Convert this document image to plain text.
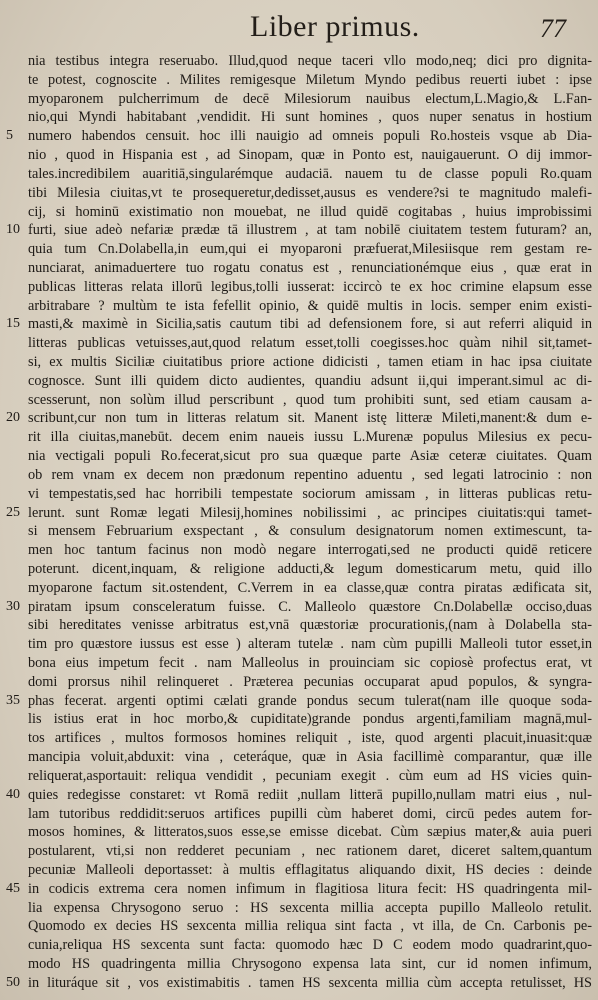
Liber primus.	77
nia testibus integra reseruabo. Illud,quod neque taceri vllo modo,neq; dici pro dignita-
te potest, cognoscite . Milites remigesque Miletum Myndo pedibus reuerti iubet : ipse
myoparonem pulcherrimum de decē Milesiorum nauibus electum,L.Magio,& L.Fan-
nio,qui Myndi habitabant ,vendidit. Hi sunt homines , quos nuper senatus in hostium
5	numero habendos censuit. hoc illi nauigio ad omneis populi Ro.hosteis vsque ab Dia-
nio , quod in Hispania est , ad Sinopam, quæ in Ponto est, nauigauerunt. O dij immor-
tales.incredibilem auaritiā,singularémque audaciā. nauem tu de classe populi Ro.quam
tibi Milesia ciuitas,vt te prosequeretur,dedisset,ausus es vendere?si te magnitudo malefi-
cij, si hominū existimatio non mouebat, ne illud quidē cogitabas , huius improbissimi
10 furti, siue adeò nefariæ prædæ tā illustrem , at tam nobilē ciuitatem testem futuram? an,
quia tum Cn.Dolabella,in eum,qui ei myoparoni præfuerat,Milesiisque rem gestam re-
nunciarat, animaduertere tuo rogatu conatus est , renunciationémque eius , quæ erat in
publicas litteras relata illorū legibus,tolli iusserat: iccircò te ex hoc crimine elapsum esse
arbitrabare ? multùm te ista fefellit opinio, & quidē multis in locis. semper enim existi-
15 masti,& maximè in Sicilia,satis cautum tibi ad defensionem fore, si aut referri aliquid in
litteras publicas vetuisses,aut,quod relatum esset,tolli coegisses.hoc quàm nihil sit,tamet-
si, ex multis Siciliæ ciuitatibus priore actione didicisti , tamen etiam in hac ipsa ciuitate
cognosce. Sunt illi quidem dicto audientes, quandiu adsunt ii,qui imperant.simul ac di-
scesserunt, non solùm illud perscribunt , quod tum prohibiti sunt, sed etiam causam a-
20 scribunt,cur non tum in litteras relatum sit. Manent istę litteræ Mileti,manent:& dum e-
rit illa ciuitas,manebūt. decem enim naueis iussu L.Murenæ populus Milesius ex pecu-
nia vectigali populi Ro.fecerat,sicut pro sua quæque parte Asiæ ceteræ ciuitates. Quam
ob rem vnam ex decem non prædonum repentino aduentu , sed legati latrocinio : non
vi tempestatis,sed hac horribili tempestate sociorum amissam , in litteras publicas retu-
25 lerunt. sunt Romæ legati Milesij,homines nobilissimi , ac principes ciuitatis:qui tamet-
si mensem Februarium exspectant , & consulum designatorum nomen extimescunt, ta-
men hoc tantum facinus non modò negare interrogati,sed ne producti quidē reticere
poterunt. dicent,inquam, & religione adducti,& legum domesticarum metu, quid illo
myoparone factum sit.ostendent, C.Verrem in ea classe,quæ contra piratas ædificata sit,
30 piratam ipsum consceleratum fuisse. C. Malleolo quæstore Cn.Dolabellæ occiso,duas
sibi hereditates venisse arbitratus est,vnā quæstoriæ procurationis,(nam à Dolabella sta-
tim pro quæstore iussus est esse ) alteram tutelæ . nam cùm pupilli Malleoli tutor esset,in
bona eius impetum fecit . nam Malleolus in prouinciam sic copiosè profectus erat, vt
domi prorsus nihil relinqueret . Præterea pecunias occuparat apud populos, & syngra-
35 phas fecerat. argenti optimi cælati grande pondus secum tulerat(nam ille quoque soda-
lis istius erat in hoc morbo,& cupiditate)grande pondus argenti,familiam magnā,mul-
tos artifices , multos formosos homines reliquit , iste, quod argenti placuit,inuasit:quæ
mancipia voluit,abduxit: vina , ceteráque, quæ in Asia facillimè comparantur, quæ ille
reliquerat,asportauit: reliqua vendidit , pecuniam exegit . cùm eum ad HS vicies quin-
40 quies redegisse constaret: vt Romā rediit ,nullam litterā pupillo,nullam matri eius , nul-
lam tutoribus reddidit:seruos artifices pupilli cùm haberet domi, circū pedes autem for-
mosos homines, & litteratos,suos esse,se emisse dicebat. Cùm sæpius mater,& auia pueri
postularent, vti,si non redderet pecuniam , nec rationem daret, diceret saltem,quantum
pecuniæ Malleoli deportasset: à multis efflagitatus aliquando dixit, HS decies : deinde
45 in codicis extrema cera nomen infimum in flagitiosa litura fecit: HS quadringenta mil-
lia expensa Chrysogono seruo : HS sexcenta millia accepta pupillo Malleolo retulit.
Quomodo ex decies HS sexcenta millia reliqua sint facta , vt illa, de Cn. Carbonis pe-
cunia,reliqua HS sexcenta sunt facta: quomodo hæc D C eodem modo quadrarint,quo-
modo HS quadringenta millia Chrysogono expensa lata sint, cur id nomen infimum,
50 in lituráque sit , vos existimabitis . tamen HS sexcenta millia cùm accepta retulisset, HS
